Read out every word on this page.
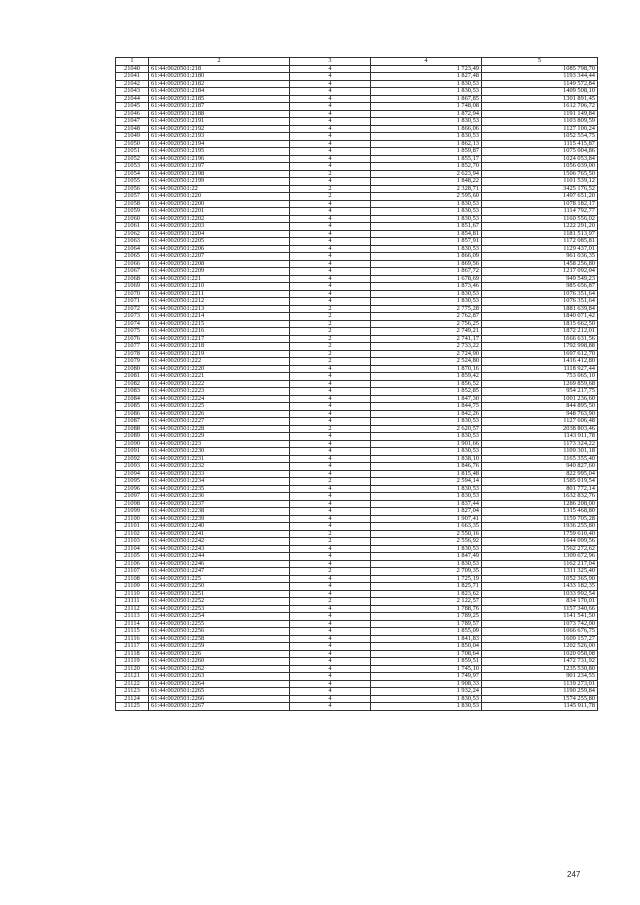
1	2	3	4	5
21040	61:44:0020501:218	4	1 723,49	1085 798,70
21041	61:44:0020501:2180	4	1 827,48	1193 344,44
21042	61:44:0020501:2182	4	1 830,53	1149 572,84
21043	61:44:0020501:2184	4	1 830,53	1409 508,10
21044	61:44:0020501:2185	4	1 867,85	1301 891,45
21045	61:44:0020501:2187	4	1 748,08	1612 706,72
21046	61:44:0020501:2188	4	1 872,94	1191 149,84
21047	61:44:0020501:2191	4	1 830,53	1103 809,59
21048	61:44:0020501:2192	4	1 866,06	1127 100,24
21049	61:44:0020501:2193	4	1 830,53	1052 554,75
21050	61:44:0020501:2194	4	1 862,13	1115 415,87
21051	61:44:0020501:2195	4	1 859,87	1075 004,86
21052	61:44:0020501:2196	4	1 855,17	1024 053,84
21053	61:44:0020501:2197	4	1 852,70	1056 039,00
21054	61:44:0020501:2198	2	2 623,94	1506 765,50
21055	61:44:0020501:2199	4	1 848,22	1101 539,12
21056	61:44:0020501:22	2	2 328,71	3425 176,52
21057	61:44:0020501:220	2	2 595,60	1497 651,20
21058	61:44:0020501:2200	4	1 830,53	1078 182,17
21059	61:44:0020501:2201	4	1 830,53	1114 792,77
21060	61:44:0020501:2202	4	1 830,53	1160 556,02
21061	61:44:0020501:2203	4	1 851,67	1222 291,20
21062	61:44:0020501:2204	4	1 854,81	1181 513,97
21063	61:44:0020501:2205	4	1 857,91	1172 085,81
21064	61:44:0020501:2206	4	1 830,53	1129 437,01
21065	61:44:0020501:2207	4	1 866,09	961 036,35
21066	61:44:0020501:2208	4	1 869,56	1458 256,80
21067	61:44:0020501:2209	4	1 867,72	1217 092,04
21068	61:44:0020501:221	4	1 678,69	949 549,23
21069	61:44:0020501:2210	4	1 873,46	985 656,87
21070	61:44:0020501:2211	4	1 830,53	1076 351,64
21071	61:44:0020501:2212	4	1 830,53	1076 351,64
21072	61:44:0020501:2213	2	2 775,28	1881 639,84
21073	61:44:0020501:2214	2	2 762,87	1840 071,42
21074	61:44:0020501:2215	2	2 756,25	1815 662,50
21075	61:44:0020501:2216	2	2 749,21	1872 212,01
21076	61:44:0020501:2217	2	2 741,17	1666 631,56
21077	61:44:0020501:2218	2	2 733,22	1792 998,88
21078	61:44:0020501:2219	2	2 724,90	1697 612,70
21079	61:44:0020501:222	2	2 524,80	1416 412,80
21080	61:44:0020501:2220	4	1 870,16	1118 927,44
21081	61:44:0020501:2221	4	1 859,42	753 065,10
21082	61:44:0020501:2222	4	1 856,52	1269 859,68
21083	61:44:0020501:2223	4	1 852,85	954 217,75
21084	61:44:0020501:2224	4	1 847,30	1001 236,60
21085	61:44:0020501:2225	4	1 844,75	844 895,50
21086	61:44:0020501:2226	4	1 842,26	948 763,90
21087	61:44:0020501:2227	4	1 830,53	1127 606,48
21088	61:44:0020501:2228	2	2 620,57	2038 803,46
21089	61:44:0020501:2229	4	1 830,53	1143 911,78
21090	61:44:0020501:223	4	1 901,66	1173 324,22
21091	61:44:0020501:2230	4	1 830,53	1109 301,18
21092	61:44:0020501:2231	4	1 838,10	1165 355,40
21093	61:44:0020501:2232	4	1 846,76	940 827,60
21094	61:44:0020501:2233	4	1 815,48	822 995,04
21095	61:44:0020501:2234	2	2 594,14	1585 019,54
21096	61:44:0020501:2235	4	1 830,53	801 772,14
21097	61:44:0020501:2236	4	1 830,53	1632 832,76
21098	61:44:0020501:2237	4	1 837,44	1286 208,00
21099	61:44:0020501:2238	4	1 827,04	1315 468,80
21100	61:44:0020501:2239	4	1 907,41	1159 705,28
21101	61:44:0020501:2240	4	1 663,35	1936 255,80
21102	61:44:0020501:2241	2	2 550,16	1759 610,40
21103	61:44:0020501:2242	2	2 556,92	1644 099,56
21104	61:44:0020501:2243	4	1 830,53	1562 272,62
21105	61:44:0020501:2244	4	1 847,49	1309 672,96
21106	61:44:0020501:2246	4	1 830,53	1162 217,04
21107	61:44:0020501:2247	2	2 709,35	1311 325,40
21108	61:44:0020501:225	4	1 725,19	1052 365,90
21109	61:44:0020501:2250	4	1 825,71	1433 182,35
21110	61:44:0020501:2251	4	1 823,62	1033 992,54
21111	61:44:0020501:2252	2	2 122,57	834 170,01
21112	61:44:0020501:2253	4	1 788,76	1157 340,66
21113	61:44:0020501:2254	4	1 789,25	1141 541,50
21114	61:44:0020501:2255	4	1 789,57	1073 742,00
21115	61:44:0020501:2256	4	1 855,09	1066 676,75
21116	61:44:0020501:2258	4	1 841,83	1609 157,27
21117	61:44:0020501:2259	4	1 850,04	1202 526,00
21118	61:44:0020501:226	4	1 708,64	1020 058,08
21119	61:44:0020501:2260	4	1 859,51	1472 731,92
21120	61:44:0020501:2262	4	1 745,10	1235 530,80
21121	61:44:0020501:2263	4	1 749,97	901 234,55
21122	61:44:0020501:2264	4	1 908,33	1139 273,01
21123	61:44:0020501:2265	4	1 932,24	1190 259,84
21124	61:44:0020501:2266	4	1 830,53	1574 255,80
21125	61:44:0020501:2267	4	1 830,53	1145 911,78
247
